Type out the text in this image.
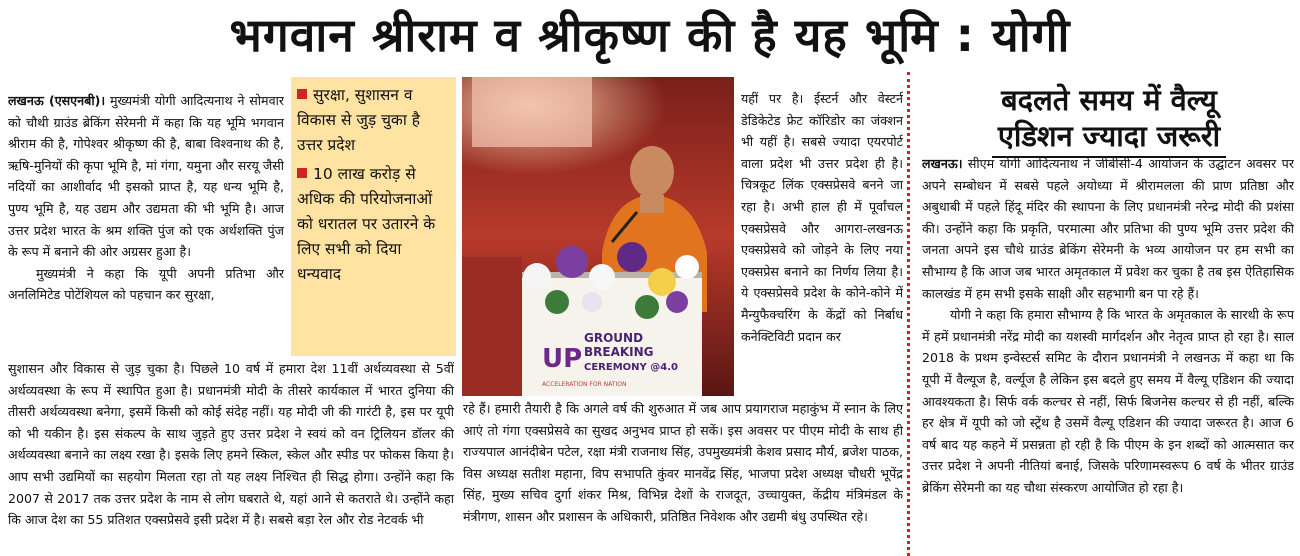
भगवान श्रीराम व श्रीकृष्ण की है यह भूमि : योगी

लखनऊ (एसएनबी)। मुख्यमंत्री योगी आदित्यनाथ ने सोमवार को चौथी ग्राउंड ब्रेकिंग सेरेमनी में कहा कि यह भूमि भगवान श्रीराम की है, गोपेश्वर श्रीकृष्ण की है, बाबा विश्वनाथ की है, ऋषि-मुनियों की कृपा भूमि है, मां गंगा, यमुना और सरयू जैसी नदियों का आशीर्वाद भी इसको प्राप्त है, यह धन्य भूमि है, पुण्य भूमि है, यह उद्यम और उद्यमता की भी भूमि है। आज उत्तर प्रदेश भारत के श्रम शक्ति पुंज को एक अर्थशक्ति पुंज के रूप में बनाने की ओर अग्रसर हुआ है।

मुख्यमंत्री ने कहा कि यूपी अपनी प्रतिभा और अनलिमिटेड पोटेंशियल को पहचान कर सुरक्षा,

सुरक्षा, सुशासन व विकास से जुड़ चुका है उत्तर प्रदेश

10 लाख करोड़ से अधिक की परियोजनाओं को धरातल पर उतारने के लिए सभी को दिया धन्यवाद

सुशासन और विकास से जुड़ चुका है। पिछले 10 वर्ष में हमारा देश 11वीं अर्थव्यवस्था से 5वीं अर्थव्यवस्था के रूप में स्थापित हुआ है। प्रधानमंत्री मोदी के तीसरे कार्यकाल में भारत दुनिया की तीसरी अर्थव्यवस्था बनेगा, इसमें किसी को कोई संदेह नहीं। यह मोदी जी की गारंटी है, इस पर यूपी को भी यकीन है। इस संकल्प के साथ जुड़ते हुए उत्तर प्रदेश ने स्वयं को वन ट्रिलियन डॉलर की अर्थव्यवस्था बनाने का लक्ष्य रखा है। इसके लिए हमने स्किल, स्केल और स्पीड पर फोकस किया है। आप सभी उद्यमियों का सहयोग मिलता रहा तो यह लक्ष्य निश्चित ही सिद्ध होगा। उन्होंने कहा कि 2007 से 2017 तक उत्तर प्रदेश के नाम से लोग घबराते थे, यहां आने से कतराते थे। उन्होंने कहा कि आज देश का 55 प्रतिशत एक्सप्रेसवे इसी प्रदेश में है। सबसे बड़ा रेल और रोड नेटवर्क भी

UP
GROUND
BREAKING
CEREMONY @4.0
ACCELERATION FOR NATION

यहीं पर है। ईस्टर्न और वेस्टर्न डेडिकेटेड फ्रेट कॉरिडोर का जंक्शन भी यहीं है। सबसे ज्यादा एयरपोर्ट वाला प्रदेश भी उत्तर प्रदेश ही है। चित्रकूट लिंक एक्सप्रेसवे बनने जा रहा है। अभी हाल ही में पूर्वांचल एक्सप्रेसवे और आगरा-लखनऊ एक्सप्रेसवे को जोड़ने के लिए नया एक्सप्रेस बनाने का निर्णय लिया है। ये एक्सप्रेसवे प्रदेश के कोने-कोने में मैन्युफैक्चरिंग के केंद्रों को निर्बाध कनेक्टिविटी प्रदान कर

रहे हैं। हमारी तैयारी है कि अगले वर्ष की शुरुआत में जब आप प्रयागराज महाकुंभ में स्नान के लिए आएं तो गंगा एक्सप्रेसवे का सुखद अनुभव प्राप्त हो सकें। इस अवसर पर पीएम मोदी के साथ ही राज्यपाल आनंदीबेन पटेल, रक्षा मंत्री राजनाथ सिंह, उपमुख्यमंत्री केशव प्रसाद मौर्य, ब्रजेश पाठक, विस अध्यक्ष सतीश महाना, विप सभापति कुंवर मानवेंद्र सिंह, भाजपा प्रदेश अध्यक्ष चौधरी भूपेंद्र सिंह, मुख्य सचिव दुर्गा शंकर मिश्र, विभिन्न देशों के राजदूत, उच्चायुक्त, केंद्रीय मंत्रिमंडल के मंत्रीगण, शासन और प्रशासन के अधिकारी, प्रतिष्ठित निवेशक और उद्यमी बंधु उपस्थित रहे।

बदलते समय में वैल्यू
एडिशन ज्यादा जरूरी

लखनऊ। सीएम योगी आदित्यनाथ ने जीबीसी-4 आयोजन के उद्घाटन अवसर पर अपने सम्बोधन में सबसे पहले अयोध्या में श्रीरामलला की प्राण प्रतिष्ठा और अबुधाबी में पहले हिंदू मंदिर की स्थापना के लिए प्रधानमंत्री नरेन्द्र मोदी की प्रशंसा की। उन्होंने कहा कि प्रकृति, परमात्मा और प्रतिभा की पुण्य भूमि उत्तर प्रदेश की जनता अपने इस चौथे ग्राउंड ब्रेकिंग सेरेमनी के भव्य आयोजन पर हम सभी का सौभाग्य है कि आज जब भारत अमृतकाल में प्रवेश कर चुका है तब इस ऐतिहासिक कालखंड में हम सभी इसके साक्षी और सहभागी बन पा रहे हैं।

योगी ने कहा कि हमारा सौभाग्य है कि भारत के अमृतकाल के सारथी के रूप में हमें प्रधानमंत्री नरेंद्र मोदी का यशस्वी मार्गदर्शन और नेतृत्व प्राप्त हो रहा है। साल 2018 के प्रथम इन्वेस्टर्स समिट के दौरान प्रधानमंत्री ने लखनऊ में कहा था कि यूपी में वैल्यूज है, वर्ल्यूज है लेकिन इस बदले हुए समय में वैल्यू एडिशन की ज्यादा आवश्यकता है। सिर्फ वर्क कल्चर से नहीं, सिर्फ बिजनेस कल्चर से ही नहीं, बल्कि हर क्षेत्र में यूपी को जो स्ट्रेंथ है उसमें वैल्यू एडिशन की ज्यादा जरूरत है। आज 6 वर्ष बाद यह कहने में प्रसन्नता हो रही है कि पीएम के इन शब्दों को आत्मसात कर उत्तर प्रदेश ने अपनी नीतियां बनाई, जिसके परिणामस्वरूप 6 वर्ष के भीतर ग्राउंड ब्रेकिंग सेरेमनी का यह चौथा संस्करण आयोजित हो रहा है।
